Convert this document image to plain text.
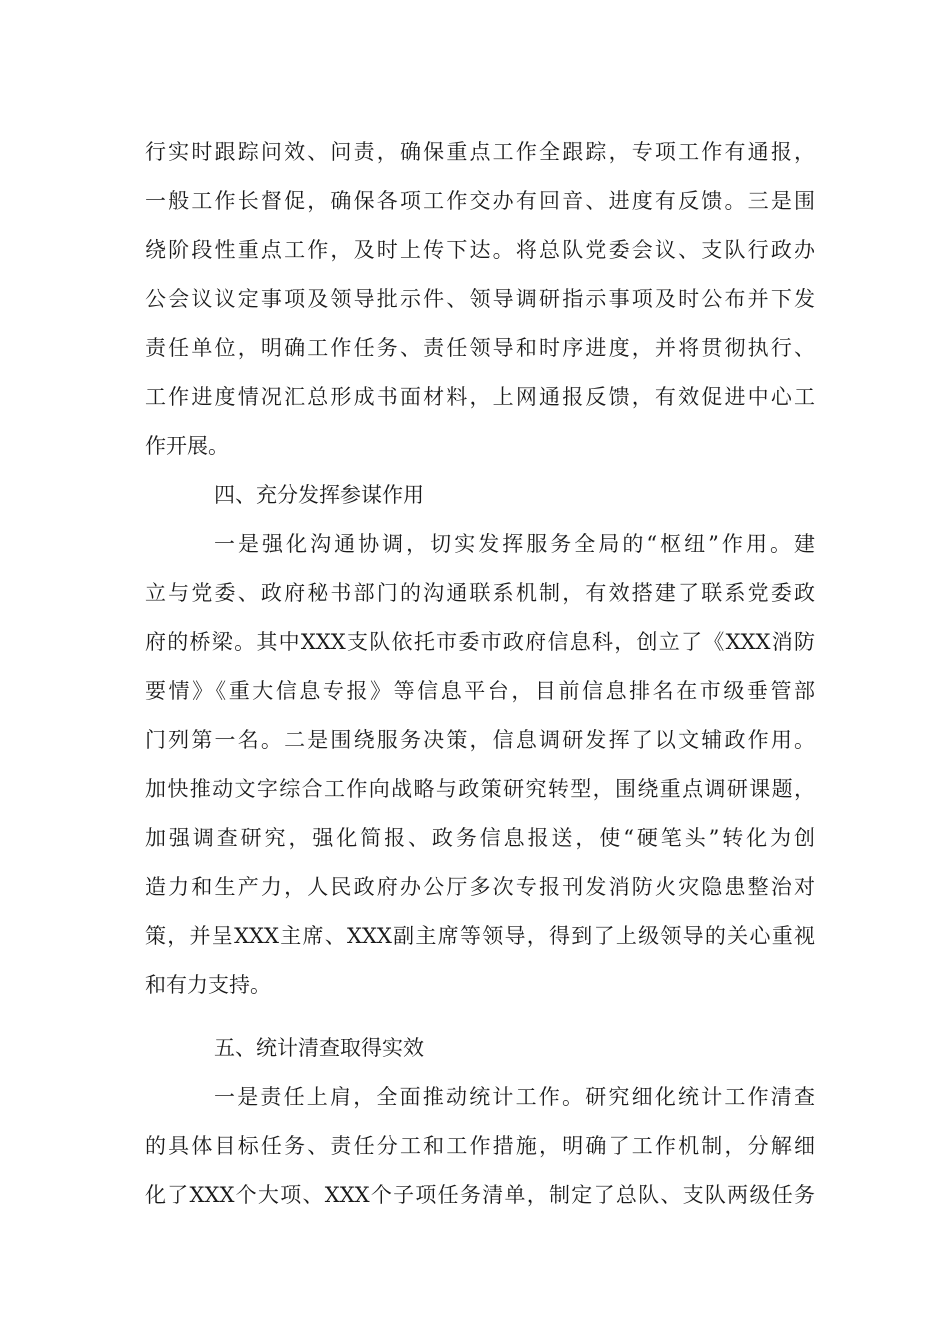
行实时跟踪问效、问责，确保重点工作全跟踪，专项工作有通报，
一般工作长督促，确保各项工作交办有回音、进度有反馈。三是围
绕阶段性重点工作，及时上传下达。将总队党委会议、支队行政办
公会议议定事项及领导批示件、领导调研指示事项及时公布并下发
责任单位，明确工作任务、责任领导和时序进度，并将贯彻执行、
工作进度情况汇总形成书面材料，上网通报反馈，有效促进中心工
作开展。
四、充分发挥参谋作用
一是强化沟通协调，切实发挥服务全局的“枢纽”作用。建
立与党委、政府秘书部门的沟通联系机制，有效搭建了联系党委政
府的桥梁。其中XXX支队依托市委市政府信息科，创立了《XXX消防
要情》《重大信息专报》等信息平台，目前信息排名在市级垂管部
门列第一名。二是围绕服务决策，信息调研发挥了以文辅政作用。
加快推动文字综合工作向战略与政策研究转型，围绕重点调研课题，
加强调查研究，强化简报、政务信息报送，使“硬笔头”转化为创
造力和生产力，人民政府办公厅多次专报刊发消防火灾隐患整治对
策，并呈XXX主席、XXX副主席等领导，得到了上级领导的关心重视
和有力支持。
五、统计清查取得实效
一是责任上肩，全面推动统计工作。研究细化统计工作清查
的具体目标任务、责任分工和工作措施，明确了工作机制，分解细
化了XXX个大项、XXX个子项任务清单，制定了总队、支队两级任务
